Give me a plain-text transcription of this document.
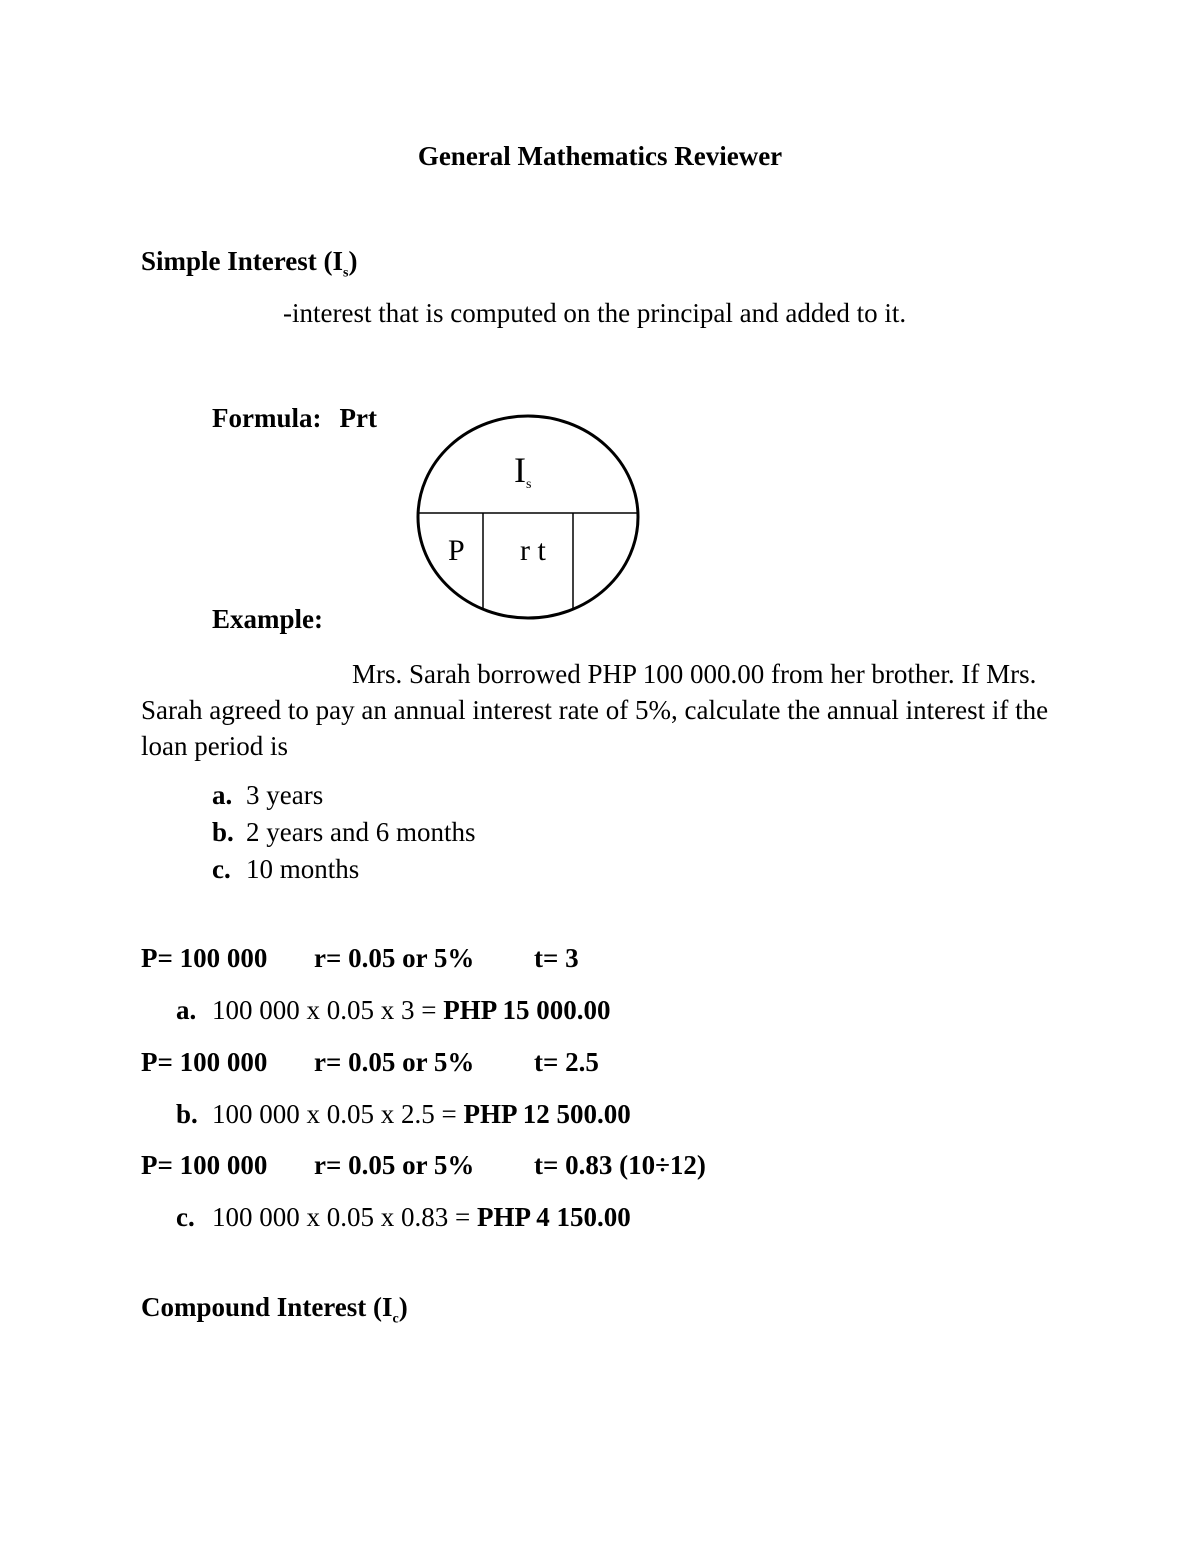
General Mathematics Reviewer
Simple Interest $(I_s)$
-interest that is computed on the principal and added to it.
Formula: Prt
Is
P r t
Example:
Mrs. Sarah borrowed PHP 100 000.00 from her brother. If Mrs. Sarah agreed to pay an annual interest rate of 5%, calculate the annual interest if the loan period is
a. 3 years
b. 2 years and 6 months
c. 10 months
P= 100 000 r= 0.05 or 5% t= 3
a. 100 000 x 0.05 x 3 = PHP 15 000.00
P= 100 000 r= 0.05 or 5% t= 2.5
b. 100 000 x 0.05 x 2.5 = PHP 12 500.00
P= 100 000 r= 0.05 or 5% t= 0.83 (10÷12)
c. 100 000 x 0.05 x 0.83 = PHP 4 150.00
Compound Interest $(I_c)$
